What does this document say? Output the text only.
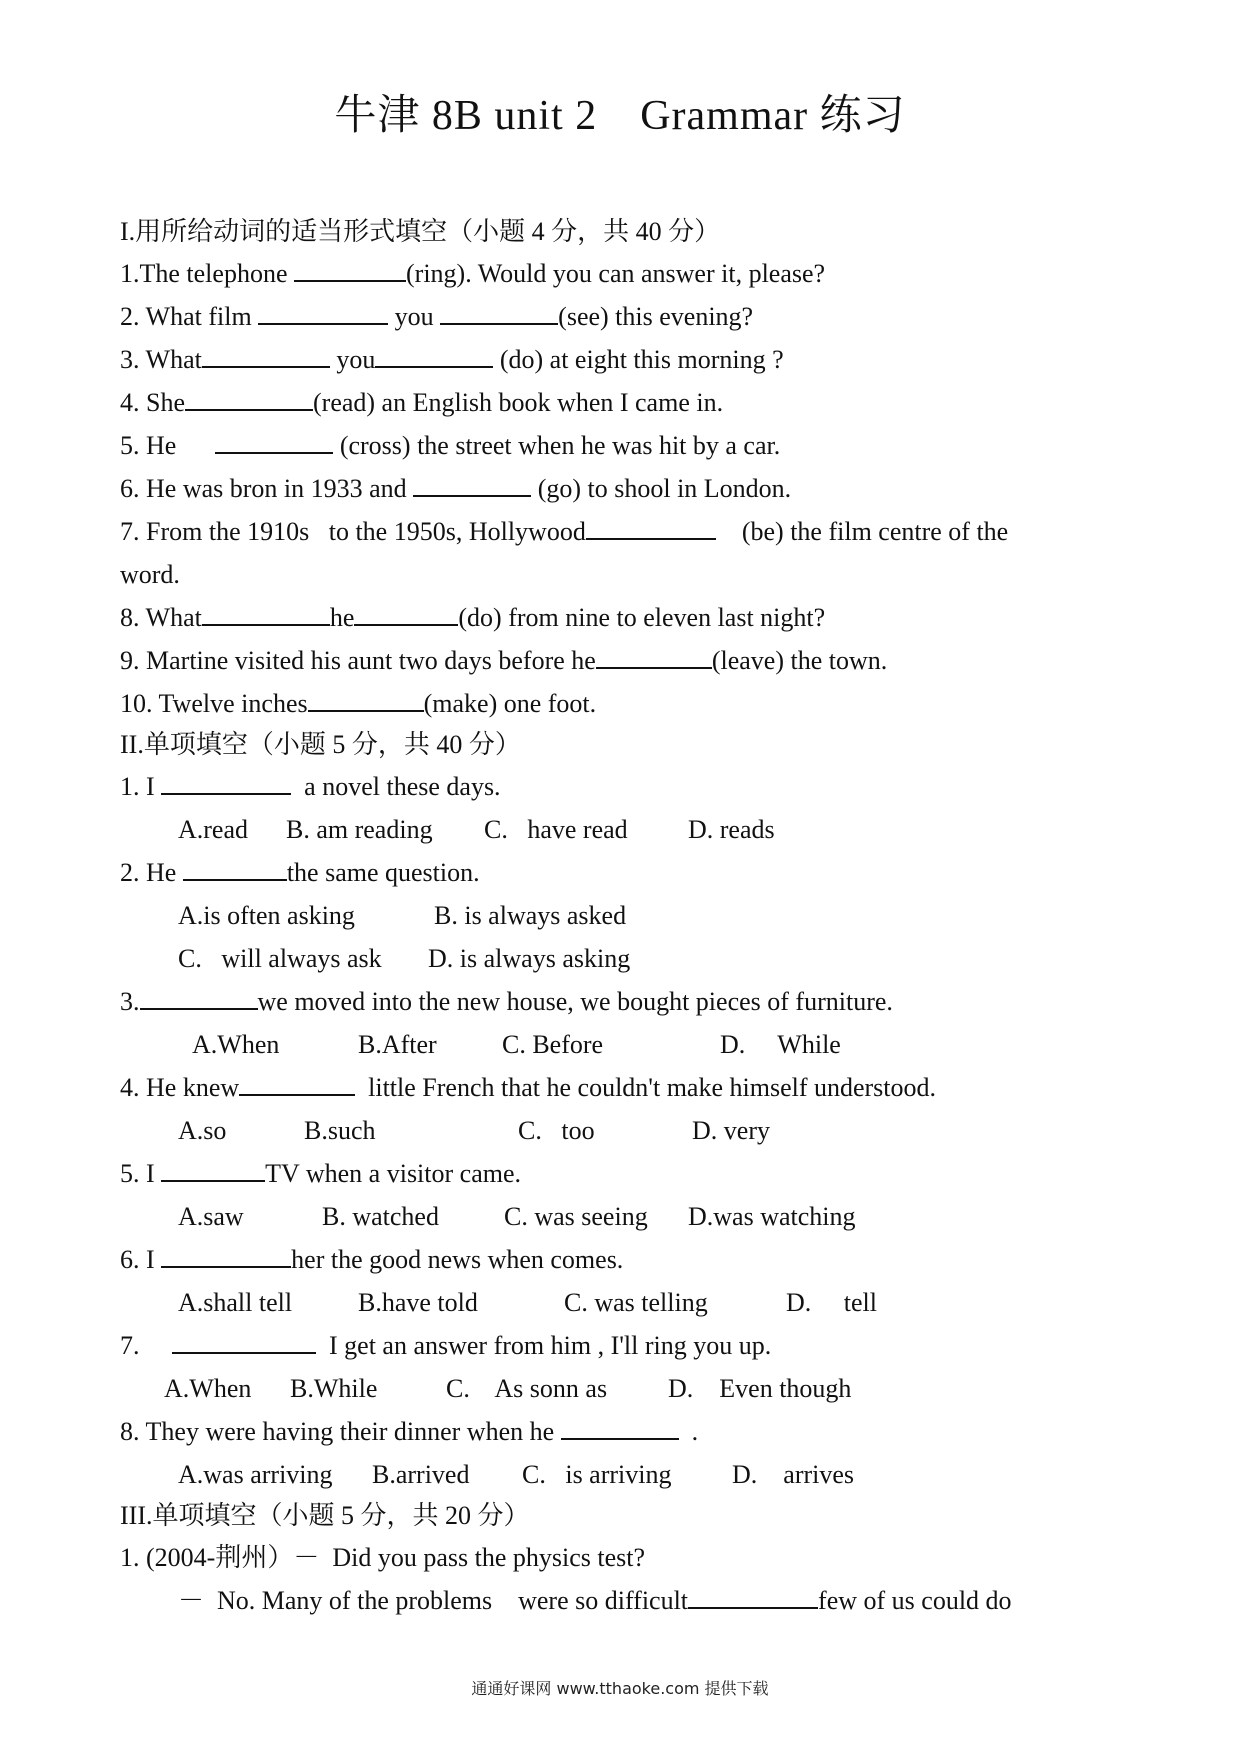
牛津 8B unit 2　Grammar 练习
I.用所给动词的适当形式填空（小题 4 分，共 40 分）
1.The telephone	(ring). Would you can answer it, please?
2. What film	you	(see) this evening?
3. What	you	(do) at eight this morning ?
4. She	(read) an English book when I came in.
5. He	(cross) the street when he was hit by a car.
6. He was bron in 1933 and	(go) to shool in London.
7. From the 1910s   to the 1950s, Hollywood	(be) the film centre of the
word.
8. What	he	(do) from nine to eleven last night?
9. Martine visited his aunt two days before he	(leave) the town.
10. Twelve inches	(make) one foot.
II.单项填空（小题 5 分，共 40 分）
1. I	a novel these days.
A.read B. am reading C.   have read D. reads
2. He	the same question.
A.is often asking	B. is always asked
C.   will always ask D. is always asking
3.	we moved into the new house, we bought pieces of furniture.
A.When	B.After	C. Before	D.     While
4. He knew	little French that he couldn't make himself understood.
A.so	B.such	C.   too	D. very
5. I	TV when a visitor came.
A.saw	B. watched	C. was seeing D.was watching
6. I	her the good news when comes.
A.shall tell	B.have told	C. was telling	D.     tell
7.	I get an answer from him , I'll ring you up.
A.When B.While	C.    As sonn as D.    Even though
8. They were having their dinner when he	.
A.was arriving B.arrived C.   is arriving D.    arrives
III.单项填空（小题 5 分，共 20 分）
1. (2004-荆州）－  Did you pass the physics test?
－  No. Many of the problems    were so difficult	few of us could do
通通好课网 www.tthaoke.com 提供下载
